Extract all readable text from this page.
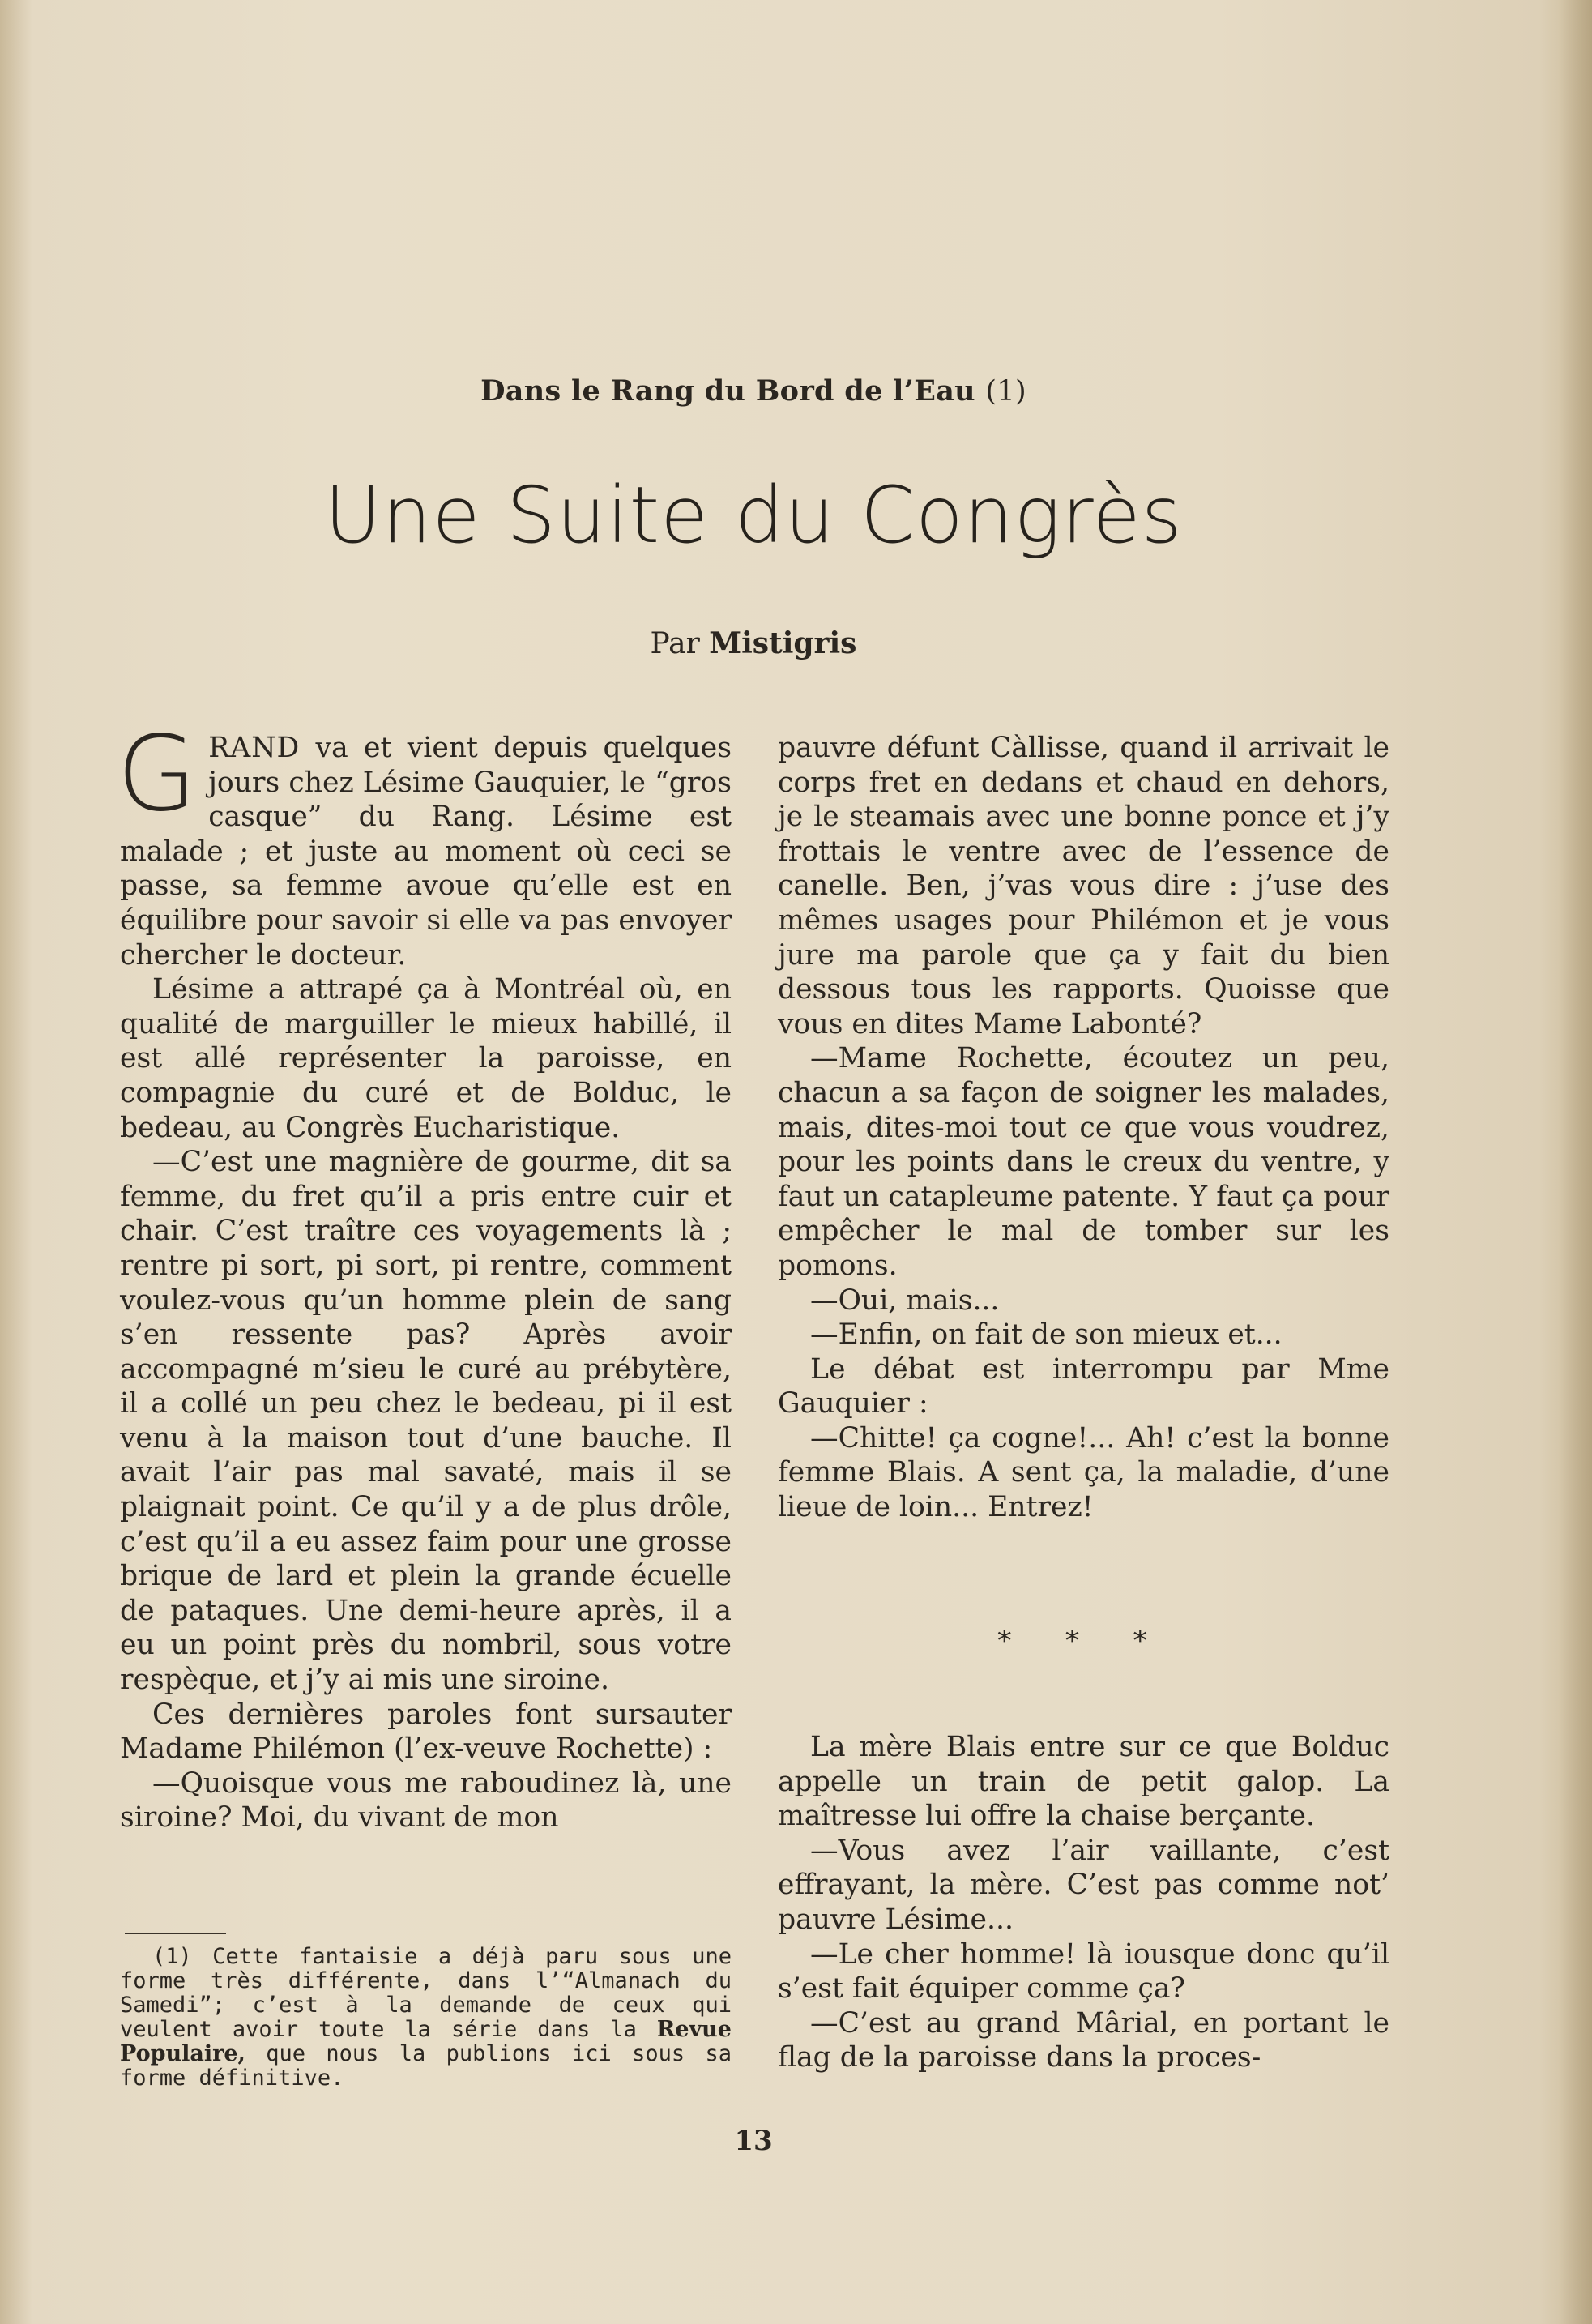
Dans le Rang du Bord de l’Eau (1)
Une Suite du Congrès
Par Mistigris

GRAND va et vient depuis quelques jours chez Lésime Gauquier, le “gros casque” du Rang. Lésime est malade ; et juste au moment où ceci se passe, sa femme avoue qu’elle est en équilibre pour savoir si elle va pas envoyer chercher le docteur.

Lésime a attrapé ça à Montréal où, en qualité de marguiller le mieux habillé, il est allé représenter la paroisse, en compagnie du curé et de Bolduc, le bedeau, au Congrès Eucharistique.

—C’est une magnière de gourme, dit sa femme, du fret qu’il a pris entre cuir et chair. C’est traître ces voyagements là ; rentre pi sort, pi sort, pi rentre, comment voulez-vous qu’un homme plein de sang s’en ressente pas? Après avoir accompagné m’sieu le curé au prébytère, il a collé un peu chez le bedeau, pi il est venu à la maison tout d’une bauche. Il avait l’air pas mal savaté, mais il se plaignait point. Ce qu’il y a de plus drôle, c’est qu’il a eu assez faim pour une grosse brique de lard et plein la grande écuelle de pataques. Une demi-heure après, il a eu un point près du nombril, sous votre respèque, et j’y ai mis une siroine.

Ces dernières paroles font sursauter Madame Philémon (l’ex-veuve Rochette) :

—Quoisque vous me raboudinez là, une siroine? Moi, du vivant de mon

(1) Cette fantaisie a déjà paru sous une forme très différente, dans l’“Almanach du Samedi”; c’est à la demande de ceux qui veulent avoir toute la série dans la Revue Populaire, que nous la publions ici sous sa forme définitive.

pauvre défunt Càllisse, quand il arrivait le corps fret en dedans et chaud en dehors, je le steamais avec une bonne ponce et j’y frottais le ventre avec de l’essence de canelle. Ben, j’vas vous dire : j’use des mêmes usages pour Philémon et je vous jure ma parole que ça y fait du bien dessous tous les rapports. Quoisse que vous en dites Mame Labonté?

—Mame Rochette, écoutez un peu, chacun a sa façon de soigner les malades, mais, dites-moi tout ce que vous voudrez, pour les points dans le creux du ventre, y faut un cataplеume patente. Y faut ça pour empêcher le mal de tomber sur les pomons.

—Oui, mais...

—Enfin, on fait de son mieux et...

Le débat est interrompu par Mme Gauquier :

—Chitte! ça cogne!... Ah! c’est la bonne femme Blais. A sent ça, la maladie, d’une lieue de loin... Entrez!

* * *

La mère Blais entre sur ce que Bolduc appelle un train de petit galop. La maîtresse lui offre la chaise berçante.

—Vous avez l’air vaillante, c’est effrayant, la mère. C’est pas comme not’ pauvre Lésime...

—Le cher homme! là iousque donc qu’il s’est fait équiper comme ça?

—C’est au grand Mârial, en portant le flag de la paroisse dans la proces-

13
